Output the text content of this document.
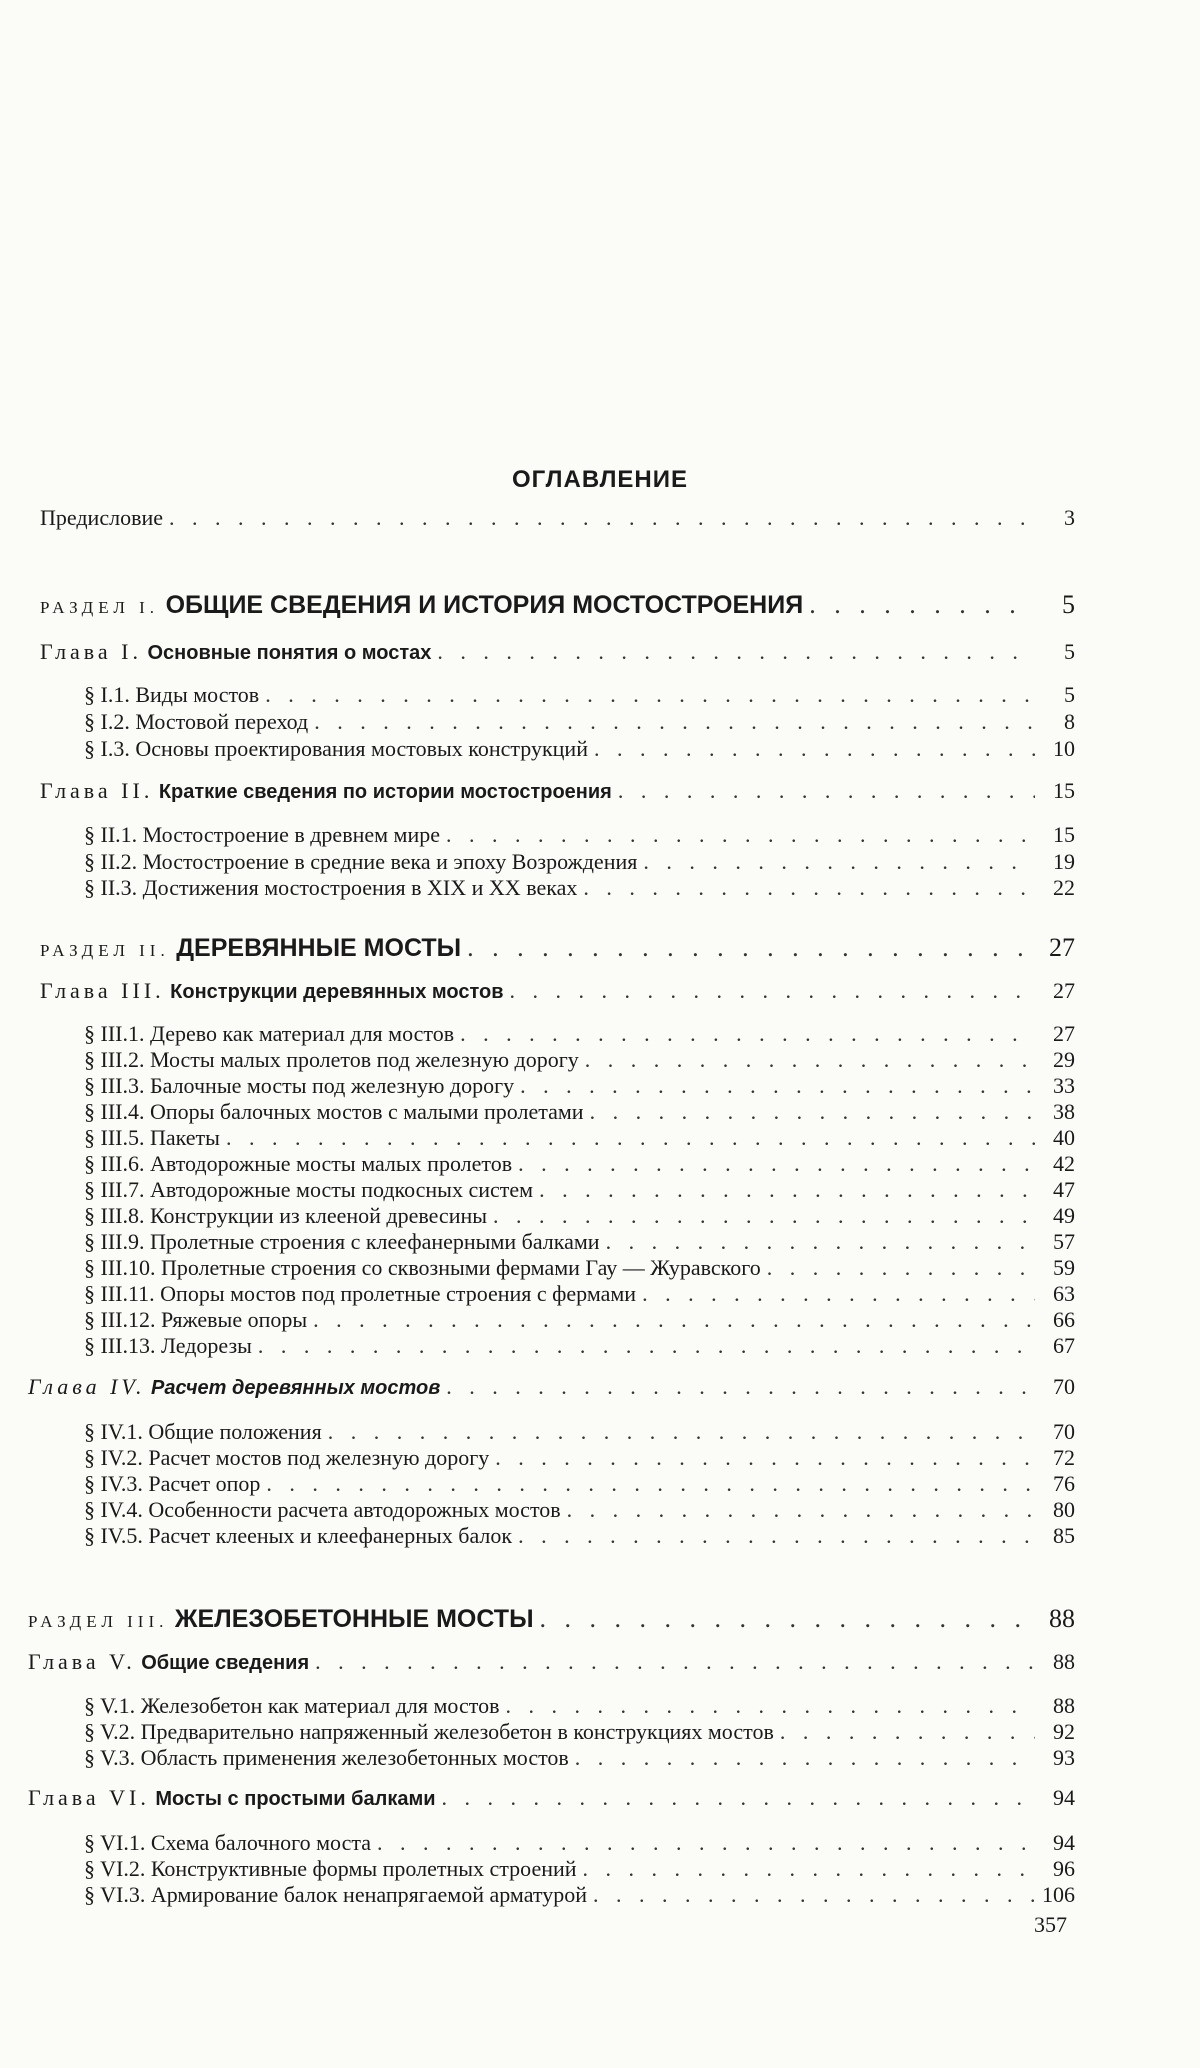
ОГЛАВЛЕНИЕ
Предисловие . . .	3
РАЗДЕЛ I. ОБЩИЕ СВЕДЕНИЯ И ИСТОРИЯ МОСТОСТРОЕНИЯ . . .	5
Глава I. Основные понятия о мостах . . .	5
§ I.1. Виды мостов . . .	5
§ I.2. Мостовой переход . . .	8
§ I.3. Основы проектирования мостовых конструкций . . .	10
Глава II. Краткие сведения по истории мостостроения . . .	15
§ II.1. Мостостроение в древнем мире . . .	15
§ II.2. Мостостроение в средние века и эпоху Возрождения . . .	19
§ II.3. Достижения мостостроения в XIX и XX веках . . .	22
РАЗДЕЛ II. ДЕРЕВЯННЫЕ МОСТЫ . . .	27
Глава III. Конструкции деревянных мостов . . .	27
§ III.1. Дерево как материал для мостов . . .	27
§ III.2. Мосты малых пролетов под железную дорогу . . .	29
§ III.3. Балочные мосты под железную дорогу . . .	33
§ III.4. Опоры балочных мостов с малыми пролетами . . .	38
§ III.5. Пакеты . . .	40
§ III.6. Автодорожные мосты малых пролетов . . .	42
§ III.7. Автодорожные мосты подкосных систем . . .	47
§ III.8. Конструкции из клееной древесины . . .	49
§ III.9. Пролетные строения с клеефанерными балками . . .	57
§ III.10. Пролетные строения со сквозными фермами Гау — Журавского . . .	59
§ III.11. Опоры мостов под пролетные строения с фермами . . .	63
§ III.12. Ряжевые опоры . . .	66
§ III.13. Ледорезы . . .	67
Глава IV. Расчет деревянных мостов . . .	70
§ IV.1. Общие положения . . .	70
§ IV.2. Расчет мостов под железную дорогу . . .	72
§ IV.3. Расчет опор . . .	76
§ IV.4. Особенности расчета автодорожных мостов . . .	80
§ IV.5. Расчет клееных и клеефанерных балок . . .	85
РАЗДЕЛ III. ЖЕЛЕЗОБЕТОННЫЕ МОСТЫ . . .	88
Глава V. Общие сведения . . .	88
§ V.1. Железобетон как материал для мостов . . .	88
§ V.2. Предварительно напряженный железобетон в конструкциях мостов . . .	92
§ V.3. Область применения железобетонных мостов . . .	93
Глава VI. Мосты с простыми балками . . .	94
§ VI.1. Схема балочного моста . . .	94
§ VI.2. Конструктивные формы пролетных строений . . .	96
§ VI.3. Армирование балок ненапрягаемой арматурой . . .	106
357
